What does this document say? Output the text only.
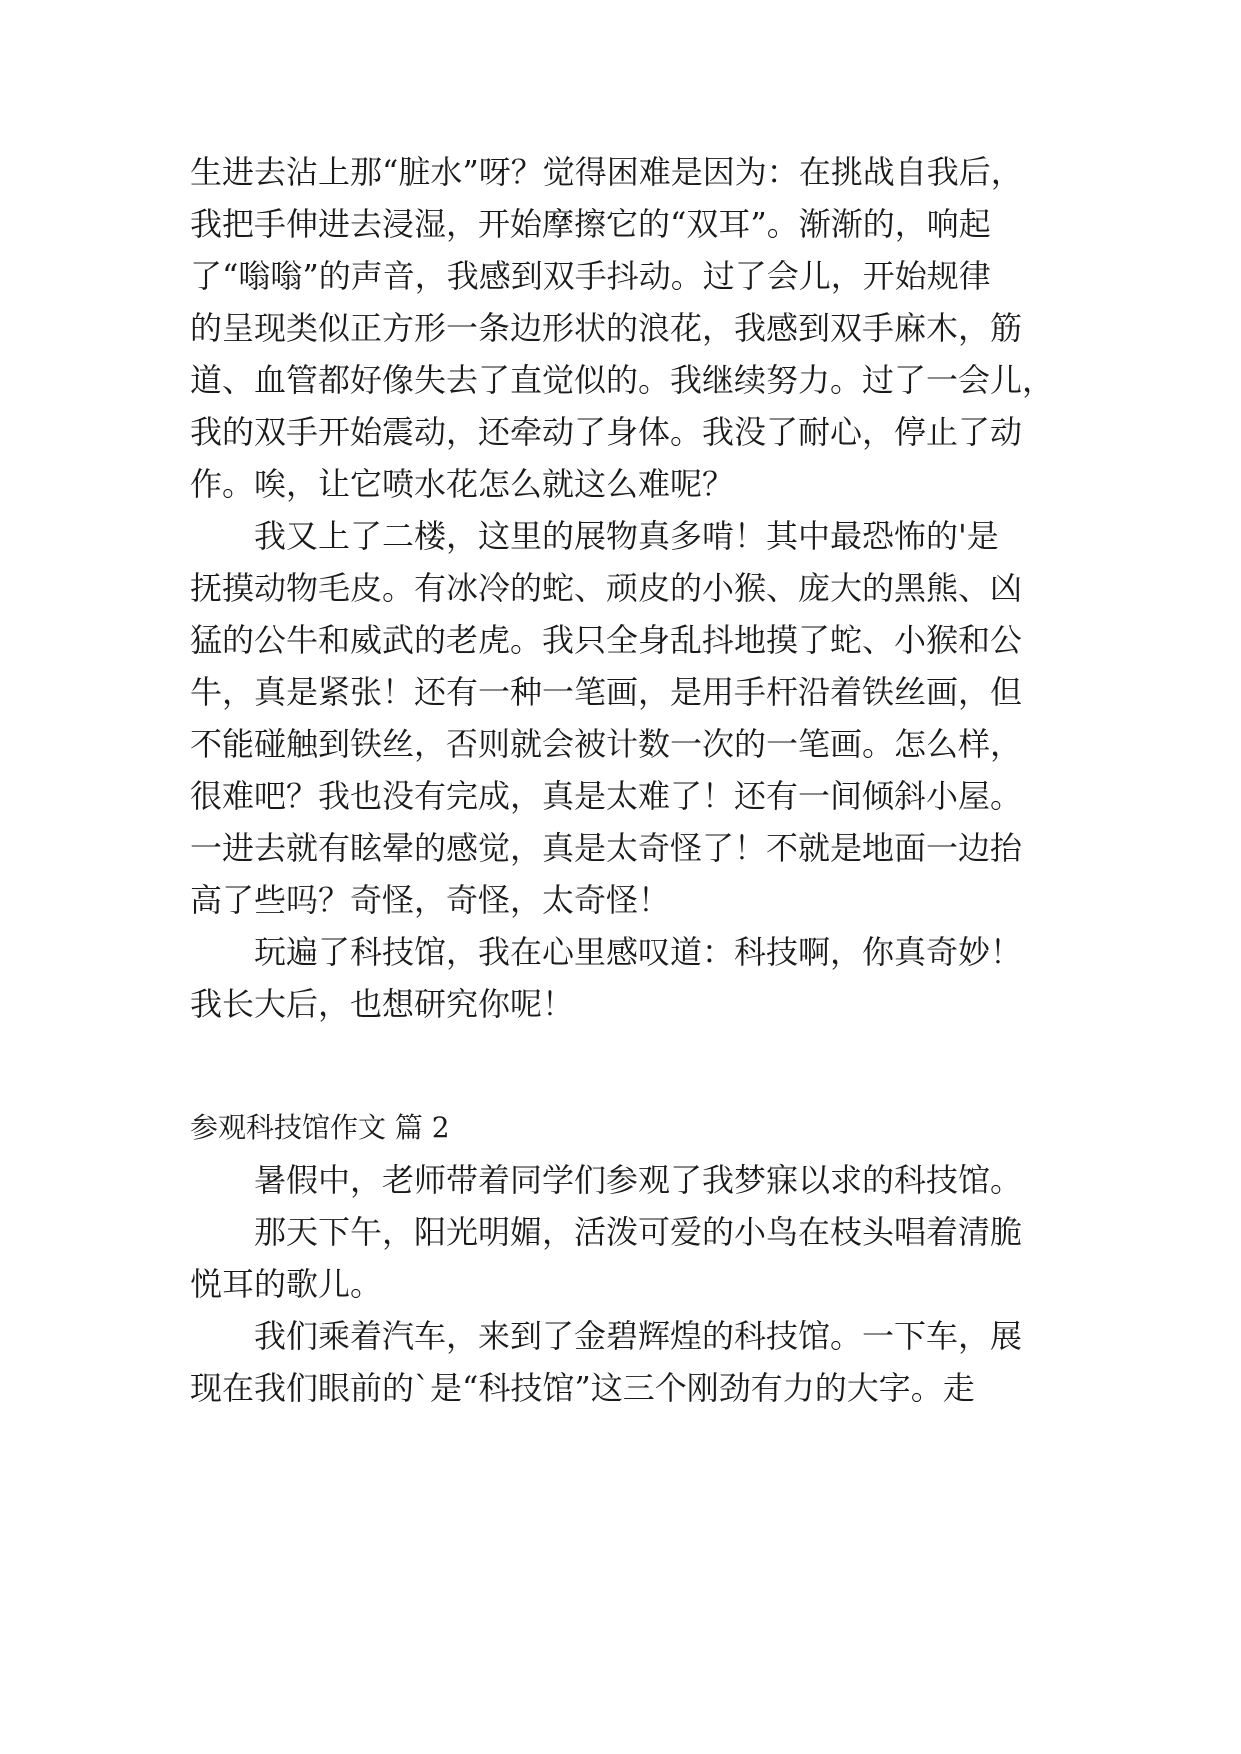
生进去沾上那“脏水”呀？觉得困难是因为：在挑战自我后，
我把手伸进去浸湿，开始摩擦它的“双耳”。渐渐的，响起
了“嗡嗡”的声音，我感到双手抖动。过了会儿，开始规律
的呈现类似正方形一条边形状的浪花，我感到双手麻木，筋
道、血管都好像失去了直觉似的。我继续努力。过了一会儿，
我的双手开始震动，还牵动了身体。我没了耐心，停止了动
作。唉，让它喷水花怎么就这么难呢？
我又上了二楼，这里的展物真多啃！其中最恐怖的'是
抚摸动物毛皮。有冰冷的蛇、顽皮的小猴、庞大的黑熊、凶
猛的公牛和威武的老虎。我只全身乱抖地摸了蛇、小猴和公
牛，真是紧张！还有一种一笔画，是用手杆沿着铁丝画，但
不能碰触到铁丝，否则就会被计数一次的一笔画。怎么样，
很难吧？我也没有完成，真是太难了！还有一间倾斜小屋。
一进去就有眩晕的感觉，真是太奇怪了！不就是地面一边抬
高了些吗？奇怪，奇怪，太奇怪！
玩遍了科技馆，我在心里感叹道：科技啊，你真奇妙！
我长大后，也想研究你呢！
参观科技馆作文 篇 2
暑假中，老师带着同学们参观了我梦寐以求的科技馆。
那天下午，阳光明媚，活泼可爱的小鸟在枝头唱着清脆
悦耳的歌儿。
我们乘着汽车，来到了金碧辉煌的科技馆。一下车，展
现在我们眼前的`是“科技馆”这三个刚劲有力的大字。走
